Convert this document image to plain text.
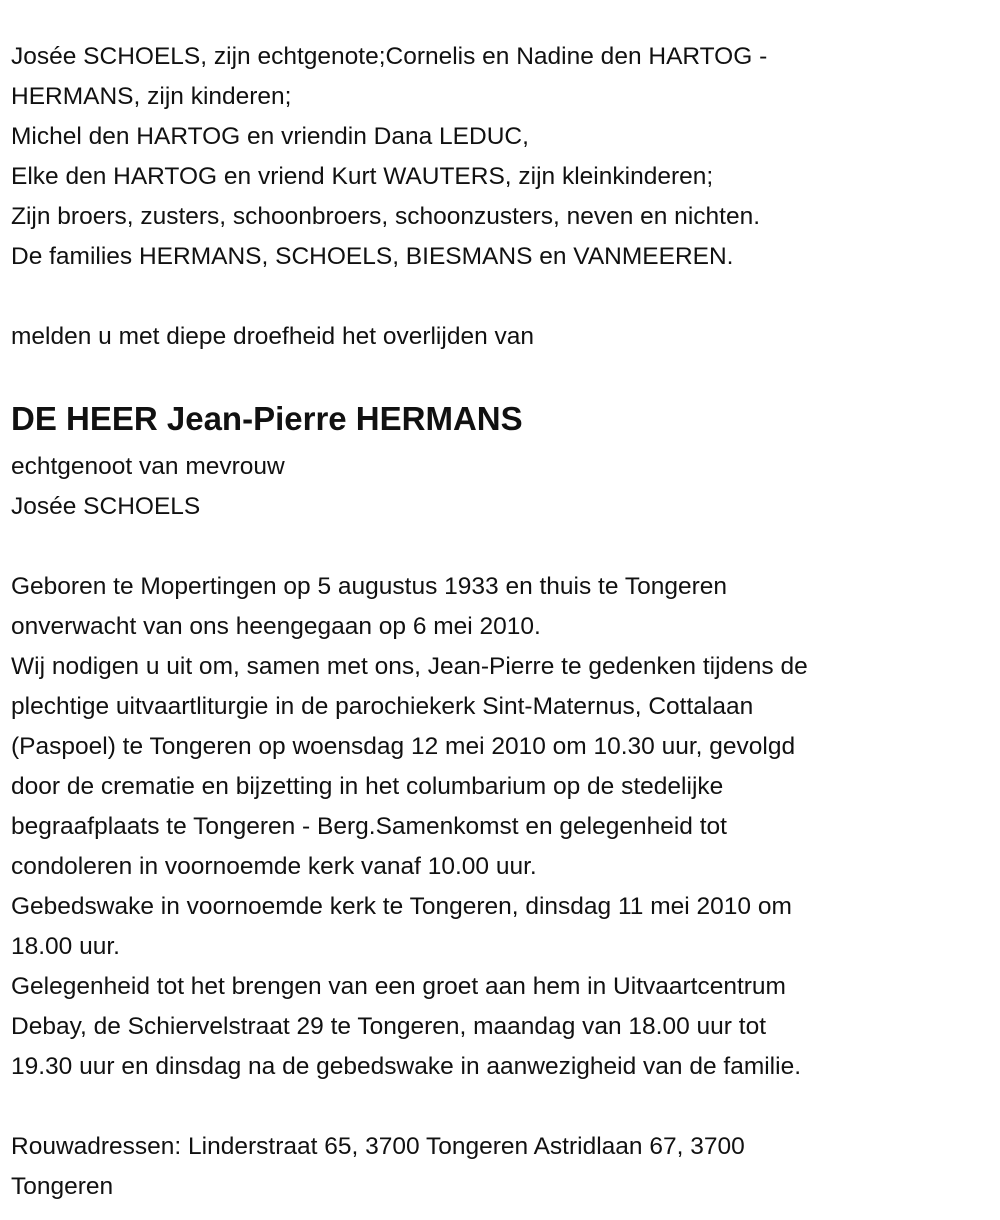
Josée SCHOELS, zijn echtgenote;Cornelis en Nadine den HARTOG -
HERMANS, zijn kinderen;
Michel den HARTOG en vriendin Dana LEDUC,
Elke den HARTOG en vriend Kurt WAUTERS, zijn kleinkinderen;
Zijn broers, zusters, schoonbroers, schoonzusters, neven en nichten.
De families HERMANS, SCHOELS, BIESMANS en VANMEEREN.
melden u met diepe droefheid het overlijden van
DE HEER Jean-Pierre HERMANS
echtgenoot van mevrouw
Josée SCHOELS
Geboren te Mopertingen op 5 augustus 1933 en thuis te Tongeren
onverwacht van ons heengegaan op 6 mei 2010.
Wij nodigen u uit om, samen met ons, Jean-Pierre te gedenken tijdens de
plechtige uitvaartliturgie in de parochiekerk Sint-Maternus, Cottalaan
(Paspoel) te Tongeren op woensdag 12 mei 2010 om 10.30 uur, gevolgd
door de crematie en bijzetting in het columbarium op de stedelijke
begraafplaats te Tongeren - Berg.Samenkomst en gelegenheid tot
condoleren in voornoemde kerk vanaf 10.00 uur.
Gebedswake in voornoemde kerk te Tongeren, dinsdag 11 mei 2010 om
18.00 uur.
Gelegenheid tot het brengen van een groet aan hem in Uitvaartcentrum
Debay, de Schiervelstraat 29 te Tongeren, maandag van 18.00 uur tot
19.30 uur en dinsdag na de gebedswake in aanwezigheid van de familie.
Rouwadressen: Linderstraat 65, 3700 Tongeren Astridlaan 67, 3700
Tongeren
